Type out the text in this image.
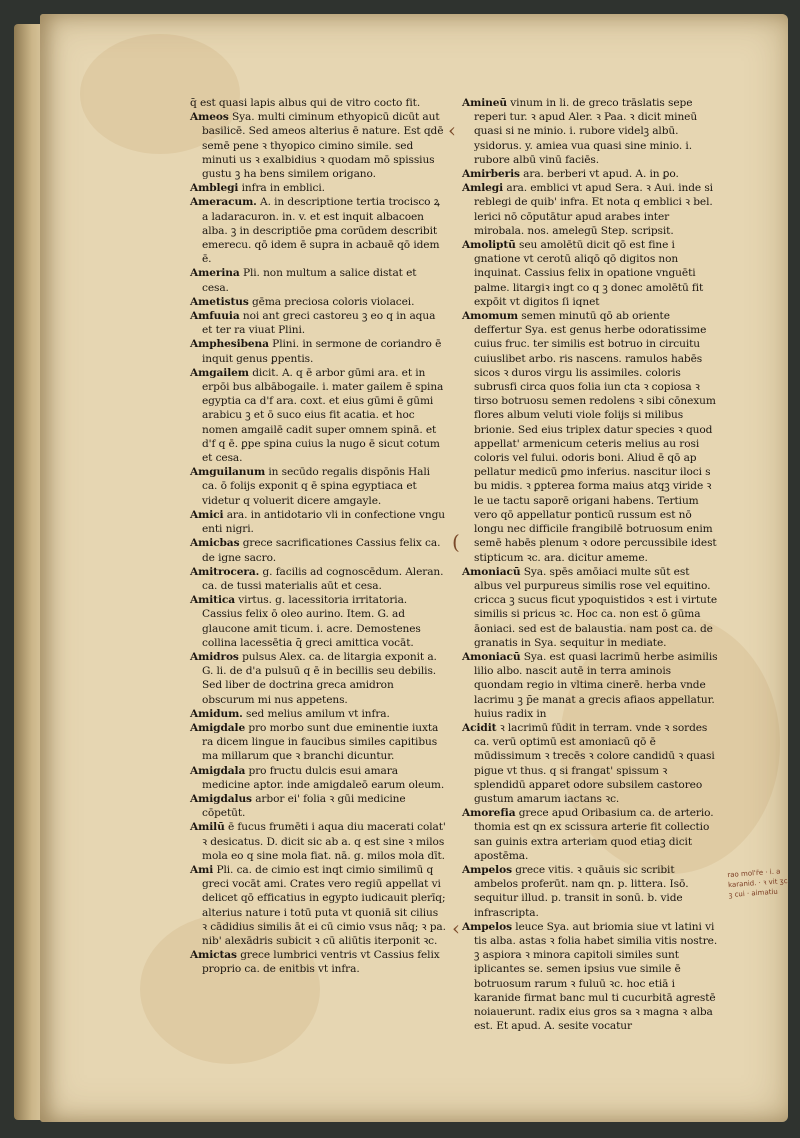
‹
(
‹

q̄ est quasi lapis albus qui de vitro cocto fit.

Ameos Sya. multi ciminum ethyopicū dicūt aut basilicē. Sed ameos alterius ē nature. Est qdē semē pene ꝛ thyopico cimino simile. sed minuti us ꝛ exalbidius ꝛ quodam mō spissius gustu ꝫ ha bens similem origano.

Amblegi infra in emblici.

Ameracum. A. in descriptione tertia trocisco ꝝ a ladaracuron. in. v. et est inquit albacoen alba. ꝫ in descriptiōe ꝑma corūdem describit emerecu. qō idem ē supra in acbauē qō idem ē.

Amerina Pli. non multum a salice distat et cesa.

Ametistus gēma preciosa coloris violacei.

Amfuuia noi ant greci castoreu ꝫ eo q in aqua et ter ra viuat Plini.

Amphesibena Plini. in sermone de coriandro ē inquit genus ꝑpentis.

Amgailem dicit. A. q ē arbor gūmi ara. et in erpōi bus albābogaile. i. mater gailem ē spina egyptia ca d'f ara. coxt. et eius gūmi ē gūmi arabicu ꝫ et ō suco eius fit acatia. et hoc nomen amgailē cadit super omnem spinā. et d'f q ē. ꝑpe spina cuius la nugo ē sicut cotum et cesa.

Amguilanum in secūdo regalis dispōnis Hali ca. ō folijs exponit q ē spina egyptiaca et videtur q voluerit dicere amgayle.

Amici ara. in antidotario vli in confectione vngu enti nigri.

Amicbas grece sacrificationes Cassius felix ca. de igne sacro.

Amitrocera. g. facilis ad cognoscēdum. Aleran. ca. de tussi materialis aūt et cesa.

Amitica virtus. g. lacessitoria irritatoria. Cassius felix ō oleo aurino. Item. G. ad glaucone amit ticum. i. acre. Demostenes collina lacessētia q̄ greci amittica vocāt.

Amidros pulsus Alex. ca. de litargia exponit a. G. li. de d'a pulsuū q ē in becillis seu debilis. Sed liber de doctrina greca amidron obscurum mi nus appetens.

Amidum. sed melius amilum vt infra.

Amigdale pro morbo sunt due eminentie iuxta ra dicem lingue in faucibus similes capitibus ma millarum que ꝛ branchi dicuntur.

Amigdala pro fructu dulcis esui amara medicine aptor. inde amigdaleō earum oleum.

Amigdalus arbor ei' folia ꝛ gūi medicine cōpetūt.

Amilū ē fucus frumēti i aqua diu macerati colat' ꝛ desicatus. D. dicit sic ab a. q est sine ꝛ milos mola eo q sine mola fiat. nā. g. milos mola dīt.

Ami Pli. ca. de cimio est inqt cimio similimū q greci vocāt ami. Crates vero regiū appellat vi delicet qō efficatius in egypto iudicauit plerīq; alterius nature i totū puta vt quoniā sit cilius ꝛ cādidius similis āt ei cū cimio vsus nāq; ꝛ pa. nib' alexādris subicit ꝛ cū aliūtis iterponit ꝛc.

Amictas grece lumbrici ventris vt Cassius felix proprio ca. de enitbis vt infra.

Amineū vinum in li. de greco trāslatis sepe reperi tur. ꝛ apud Aler. ꝛ Paa. ꝛ dicit mineū quasi si ne minio. i. rubore videlꝫ albū. ysidorus. y. amiea vua quasi sine minio. i. rubore albū vinū faciēs.

Amirberis ara. berberi vt apud. A. in ꝑo.

Amlegi ara. emblici vt apud Sera. ꝛ Aui. inde si reblegi de quib' infra. Et nota q emblici ꝛ bel. lerici nō cōputātur apud arabes inter mirobala. nos. amelegū Step. scripsit.

Amoliptū seu amolētū dicit qō est fine i gnatione vt cerotū aliqō qō digitos non inquinat. Cassius felix in opatione vnguēti palme. litargiꝛ ingt co q ꝫ donec amolētū fit expōit vt digitos ſi iqnet

Amomum semen minutū qō ab oriente deffertur Sya. est genus herbe odoratissime cuius fruc. ter similis est botruo in circuitu cuiuslibet arbo. ris nascens. ramulos habēs sicos ꝛ duros virgu lis assimiles. coloris subrusfi circa quos folia iun cta ꝛ copiosa ꝛ tirso botruosu semen redolens ꝛ sibi cōnexum flores album veluti viole folijs si milibus brionie. Sed eius triplex datur species ꝛ quod appellat' armenicum ceteris melius au rosi coloris vel fului. odoris boni. Aliud ē qō ap pellatur medicū ꝑmo inferius. nascitur iloci s bu midis. ꝛ ꝑpterea forma maius atqꝫ viride ꝛ le ue tactu saporē origani habens. Tertium vero qō appellatur ponticū russum est nō longu nec difficile frangibilē botruosum enim semē habēs plenum ꝛ odore percussibile idest stipticum ꝛc. ara. dicitur ameme.

Amoniacū Sya. spēs amōiaci multe sūt est albus vel purpureus similis rose vel equitino. cricca ꝫ sucus ficut ypoquistidos ꝛ est i virtute similis si pricus ꝛc. Hoc ca. non est ō gūma āoniaci. sed est de balaustia. nam post ca. de granatis in Sya. sequitur in mediate.

Amoniacū Sya. est quasi lacrimū herbe asimilis lilio albo. nascit autē in terra aminois quondam regio in vltima cinerē. herba vnde lacrimu ꝫ p̄e manat a grecis afiaos appellatur. huius radix in

Acidit ꝛ lacrimū fūdit in terram. vnde ꝛ sordes ca. verū optimū est amoniacū qō ē mūdissimum ꝛ trecēs ꝛ colore candidū ꝛ quasi pigue vt thus. q si frangat' spissum ꝛ splendidū apparet odore subsilem castoreo gustum amarum iactans ꝛc.

Amorefia grece apud Oribasium ca. de arterio. thomia est qn ex scissura arterie fit collectio san guinis extra arteriam quod etiaꝫ dicit apostēma.

Ampelos grece vitis. ꝛ quāuis sic scribit ambelos proferūt. nam qn. p. littera. Isō. sequitur illud. p. transit in sonū. b. vide infrascripta.

Ampelos leuce Sya. aut briomia siue vt latini vi tis alba. astas ꝛ folia habet similia vitis nostre. ꝫ aspiora ꝛ minora capitoli similes sunt iplicantes se. semen ipsius vue simile ē botruosum rarum ꝛ fuluū ꝛc. hoc etiā i karanide firmat banc mul ti cucurbitā agrestē noiauerunt. radix eius gros sa ꝛ magna ꝛ alba est. Et apud. A. sesite vocatur

rao mol'r̄e · i. a karanid. · ꝛ vit ʒc ꝫ cui · aimatiu
